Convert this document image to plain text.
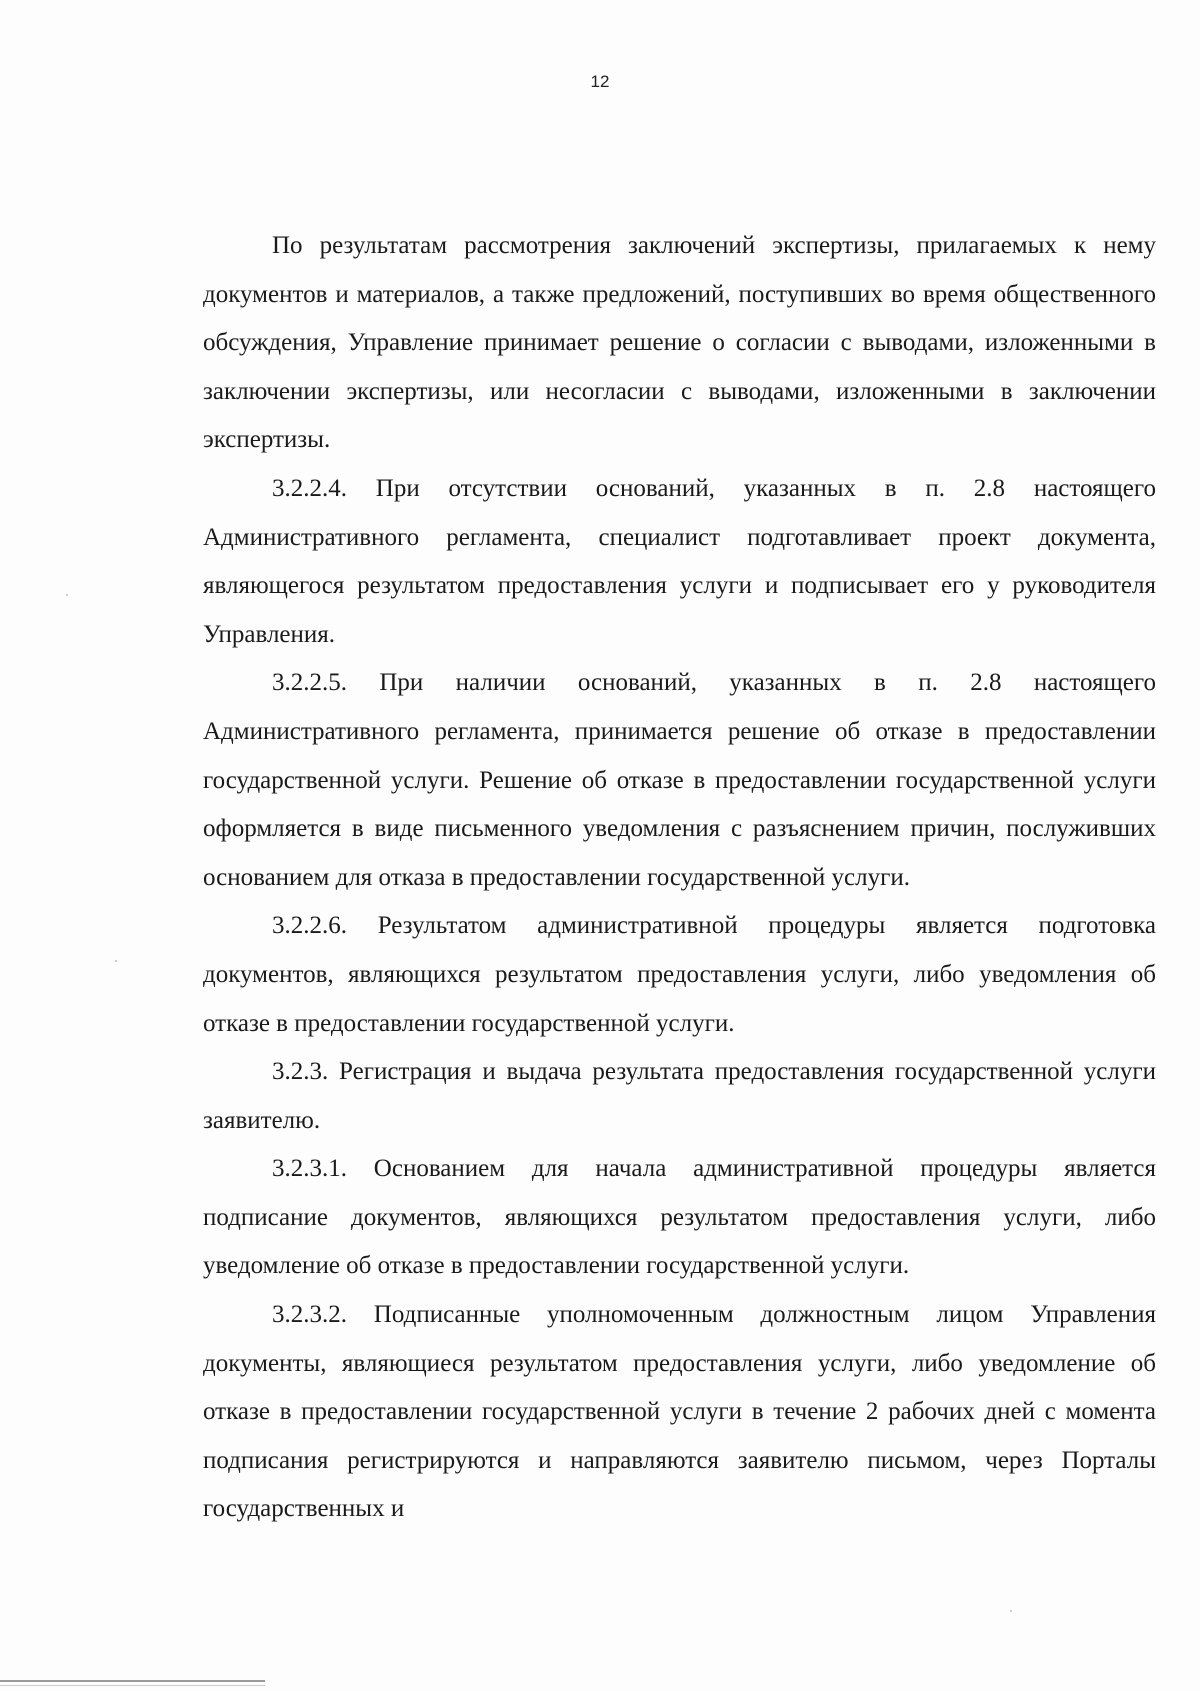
12

По результатам рассмотрения заключений экспертизы, прилагаемых к нему документов и материалов, а также предложений, поступивших во время общественного обсуждения, Управление принимает решение о согласии с выводами, изложенными в заключении экспертизы, или несогласии с выводами, изложенными в заключении экспертизы.

3.2.2.4. При отсутствии оснований, указанных в п. 2.8 настоящего Административного регламента, специалист подготавливает проект документа, являющегося результатом предоставления услуги и подписывает его у руководителя Управления.

3.2.2.5. При наличии оснований, указанных в п. 2.8 настоящего Административного регламента, принимается решение об отказе в предоставлении государственной услуги. Решение об отказе в предоставлении государственной услуги оформляется в виде письменного уведомления с разъяснением причин, послуживших основанием для отказа в предоставлении государственной услуги.

3.2.2.6. Результатом административной процедуры является подготовка документов, являющихся результатом предоставления услуги, либо уведомления об отказе в предоставлении государственной услуги.

3.2.3. Регистрация и выдача результата предоставления государственной услуги заявителю.

3.2.3.1. Основанием для начала административной процедуры является подписание документов, являющихся результатом предоставления услуги, либо уведомление об отказе в предоставлении государственной услуги.

3.2.3.2. Подписанные уполномоченным должностным лицом Управления документы, являющиеся результатом предоставления услуги, либо уведомление об отказе в предоставлении государственной услуги в течение 2 рабочих дней с момента подписания регистрируются и направляются заявителю письмом, через Порталы государственных и
